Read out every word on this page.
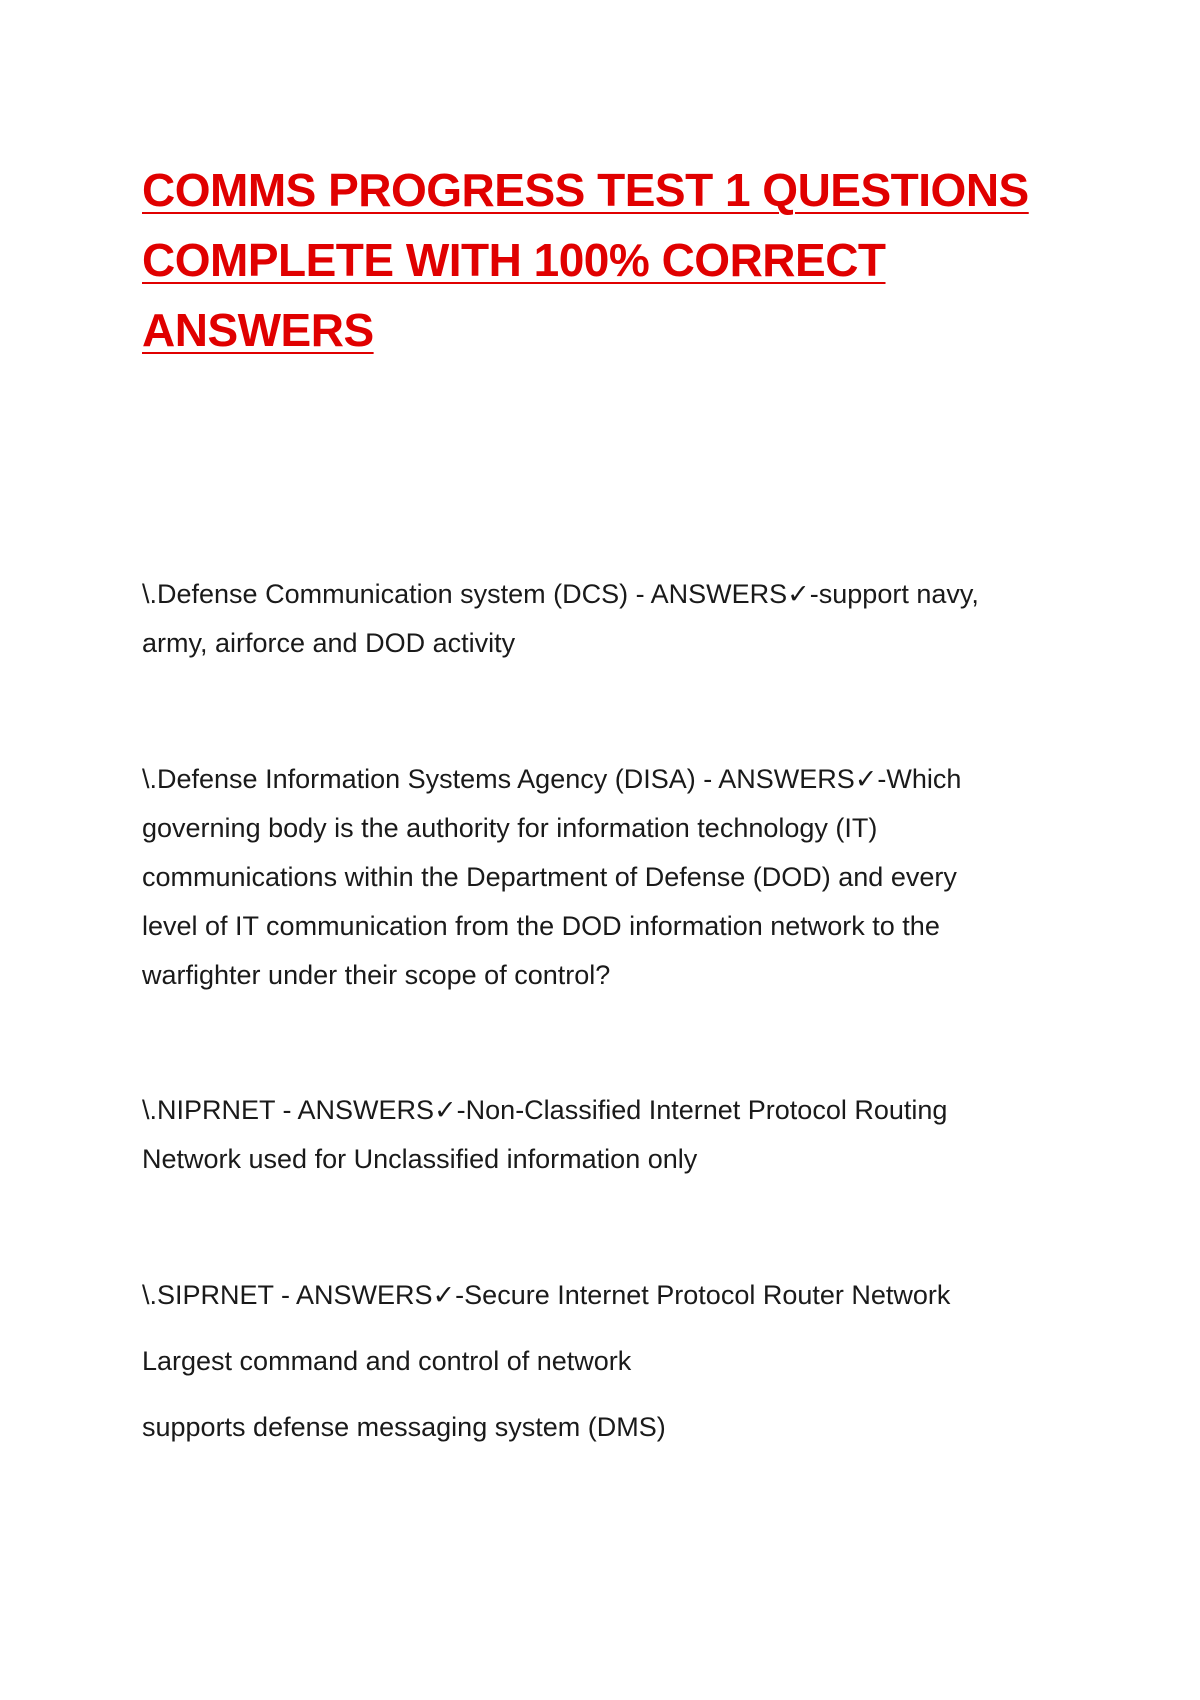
COMMS PROGRESS TEST 1 QUESTIONS
COMPLETE WITH 100% CORRECT
ANSWERS

\.Defense Communication system (DCS) - ANSWERS✓-support navy,
army, airforce and DOD activity

\.Defense Information Systems Agency (DISA) - ANSWERS✓-Which
governing body is the authority for information technology (IT)
communications within the Department of Defense (DOD) and every
level of IT communication from the DOD information network to the
warfighter under their scope of control?

\.NIPRNET - ANSWERS✓-Non-Classified Internet Protocol Routing
Network used for Unclassified information only

\.SIPRNET - ANSWERS✓-Secure Internet Protocol Router Network
Largest command and control of network
supports defense messaging system (DMS)
